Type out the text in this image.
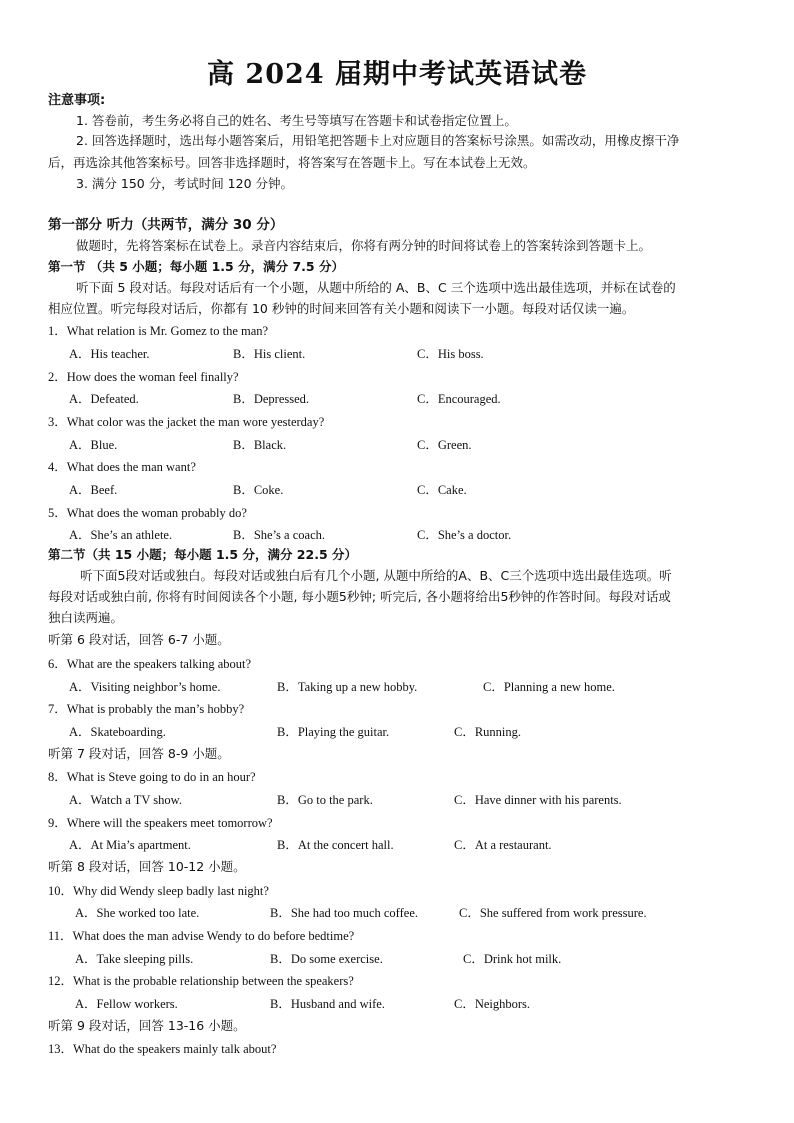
高 2024 届期中考试英语试卷
注意事项:
1. 答卷前，考生务必将自己的姓名、考生号等填写在答题卡和试卷指定位置上。
2. 回答选择题时，选出每小题答案后，用铅笔把答题卡上对应题目的答案标号涂黑。如需改动，用橡皮擦干净
后，再选涂其他答案标号。回答非选择题时，将答案写在答题卡上。写在本试卷上无效。
3. 满分 150 分，考试时间 120 分钟。
第一部分 听力（共两节，满分 30 分）
做题时，先将答案标在试卷上。录音内容结束后，你将有两分钟的时间将试卷上的答案转涂到答题卡上。
第一节 （共 5 小题；每小题 1.5 分，满分 7.5 分）
听下面 5 段对话。每段对话后有一个小题，从题中所给的 A、B、C 三个选项中选出最佳选项，并标在试卷的
相应位置。听完每段对话后，你都有 10 秒钟的时间来回答有关小题和阅读下一小题。每段对话仅读一遍。
1．What relation is Mr. Gomez to the man?
A．His teacher.	B．His client.	C．His boss.
2．How does the woman feel finally?
A．Defeated.	B．Depressed.	C．Encouraged.
3．What color was the jacket the man wore yesterday?
A．Blue.	B．Black.	C．Green.
4．What does the man want?
A．Beef.	B．Coke.	C．Cake.
5．What does the woman probably do?
A．She’s an athlete.	B．She’s a coach.	C．She’s a doctor.
第二节（共 15 小题；每小题 1.5 分，满分 22.5 分）
听下面5段对话或独白。每段对话或独白后有几个小题, 从题中所给的A、B、C三个选项中选出最佳选项。听
每段对话或独白前, 你将有时间阅读各个小题, 每小题5秒钟; 听完后, 各小题将给出5秒钟的作答时间。每段对话或
独白读两遍。
听第 6 段对话，回答 6-7 小题。
6．What are the speakers talking about?
A．Visiting neighbor’s home.	B．Taking up a new hobby.	C．Planning a new home.
7．What is probably the man’s hobby?
A．Skateboarding.	B．Playing the guitar.	C．Running.
听第 7 段对话，回答 8-9 小题。
8．What is Steve going to do in an hour?
A．Watch a TV show.	B．Go to the park.	C．Have dinner with his parents.
9．Where will the speakers meet tomorrow?
A．At Mia’s apartment.	B．At the concert hall.	C．At a restaurant.
听第 8 段对话，回答 10-12 小题。
10．Why did Wendy sleep badly last night?
A．She worked too late.	B．She had too much coffee.	C．She suffered from work pressure.
11．What does the man advise Wendy to do before bedtime?
A．Take sleeping pills.	B．Do some exercise.	C．Drink hot milk.
12．What is the probable relationship between the speakers?
A．Fellow workers.	B．Husband and wife.	C．Neighbors.
听第 9 段对话，回答 13-16 小题。
13．What do the speakers mainly talk about?
